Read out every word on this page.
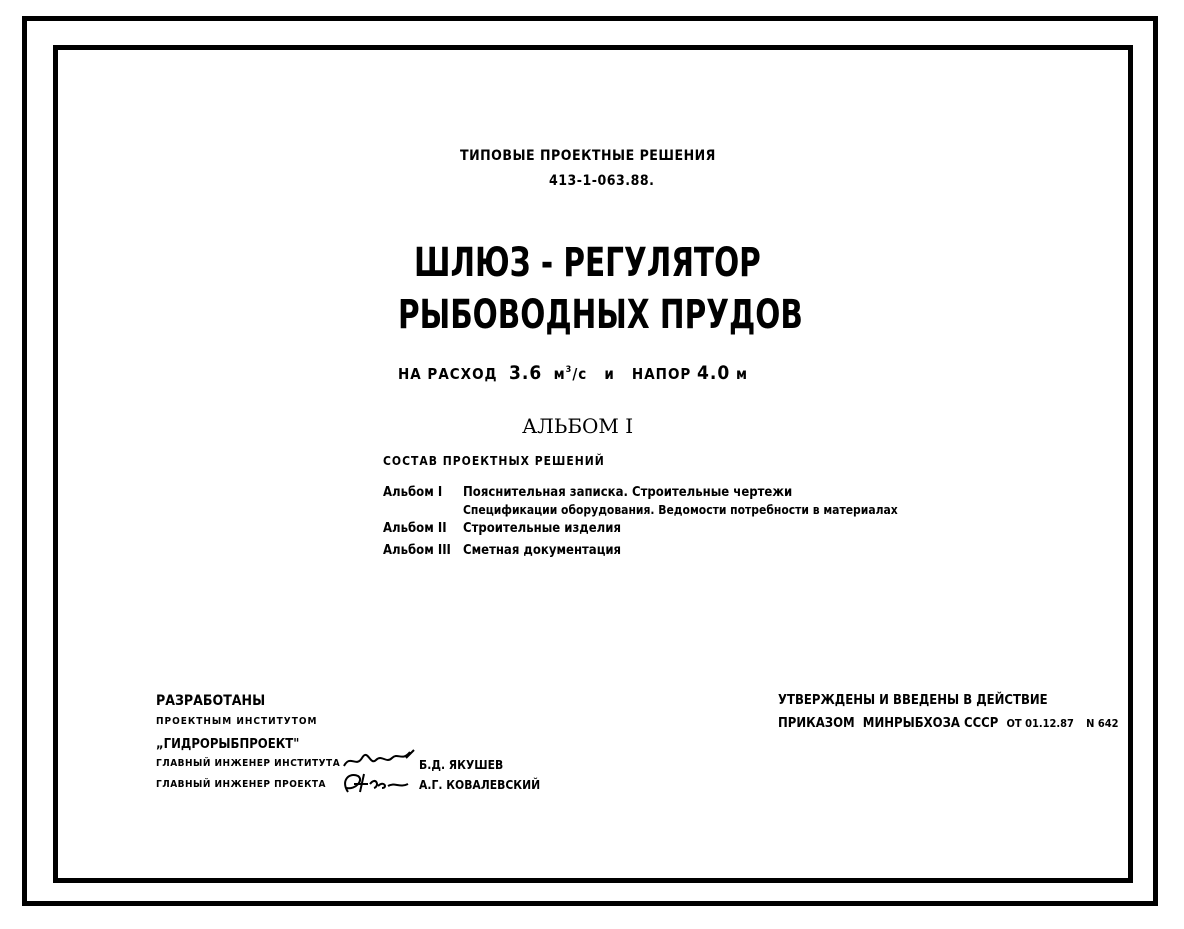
ТИПОВЫЕ ПРОЕКТНЫЕ РЕШЕНИЯ
413-1-063.88.
ШЛЮЗ - РЕГУЛЯТОР
РЫБОВОДНЫХ ПРУДОВ
НА РАСХОД 3.6 $м^3/с$ и НАПОР 4.0 м
АЛЬБОМ I
СОСТАВ ПРОЕКТНЫХ РЕШЕНИЙ
Альбом I Пояснительная записка. Строительные чертежи
Спецификации оборудования. Ведомости потребности в материалах
Альбом II Строительные изделия
Альбом III Сметная документация
РАЗРАБОТАНЫ
ПРОЕКТНЫМ ИНСТИТУТОМ
„ГИДРОРЫБПРОЕКТ"
ГЛАВНЫЙ ИНЖЕНЕР ИНСТИТУТА
ГЛАВНЫЙ ИНЖЕНЕР ПРОЕКТА
Б.Д. ЯКУШЕВ
А.Г. КОВАЛЕВСКИЙ
УТВЕРЖДЕНЫ И ВВЕДЕНЫ В ДЕЙСТВИЕ
ПРИКАЗОМ МИНРЫБХОЗА СССР ОТ 01.12.87 N 642
